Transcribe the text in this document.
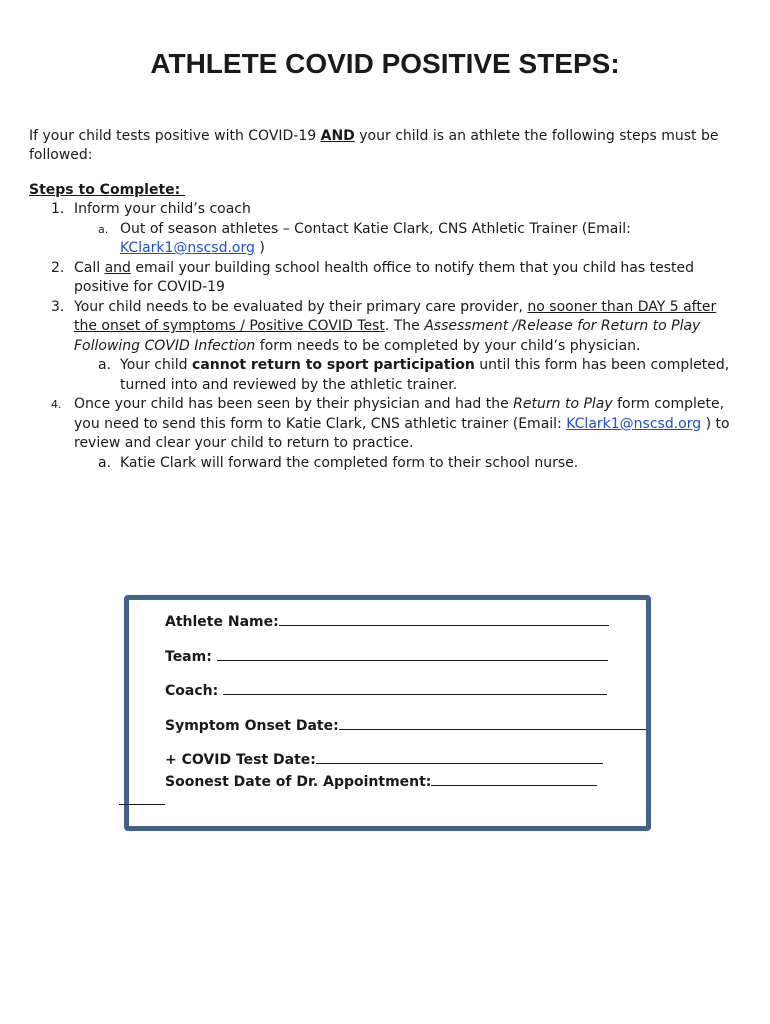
ATHLETE COVID POSITIVE STEPS:

If your child tests positive with COVID-19 AND your child is an athlete the following steps must be followed:

Steps to Complete:

1. Inform your child’s coach
a. Out of season athletes – Contact Katie Clark, CNS Athletic Trainer (Email: KClark1@nscsd.org )
2. Call and email your building school health office to notify them that you child has tested positive for COVID-19
3. Your child needs to be evaluated by their primary care provider, no sooner than DAY 5 after the onset of symptoms / Positive COVID Test. The Assessment /Release for Return to Play Following COVID Infection form needs to be completed by your child’s physician.
a. Your child cannot return to sport participation until this form has been completed, turned into and reviewed by the athletic trainer.
4. Once your child has been seen by their physician and had the Return to Play form complete, you need to send this form to Katie Clark, CNS athletic trainer (Email: KClark1@nscsd.org ) to review and clear your child to return to practice.
a. Katie Clark will forward the completed form to their school nurse.
Athlete Name:
Team:
Coach:
Symptom Onset Date:
+ COVID Test Date:
Soonest Date of Dr. Appointment:
